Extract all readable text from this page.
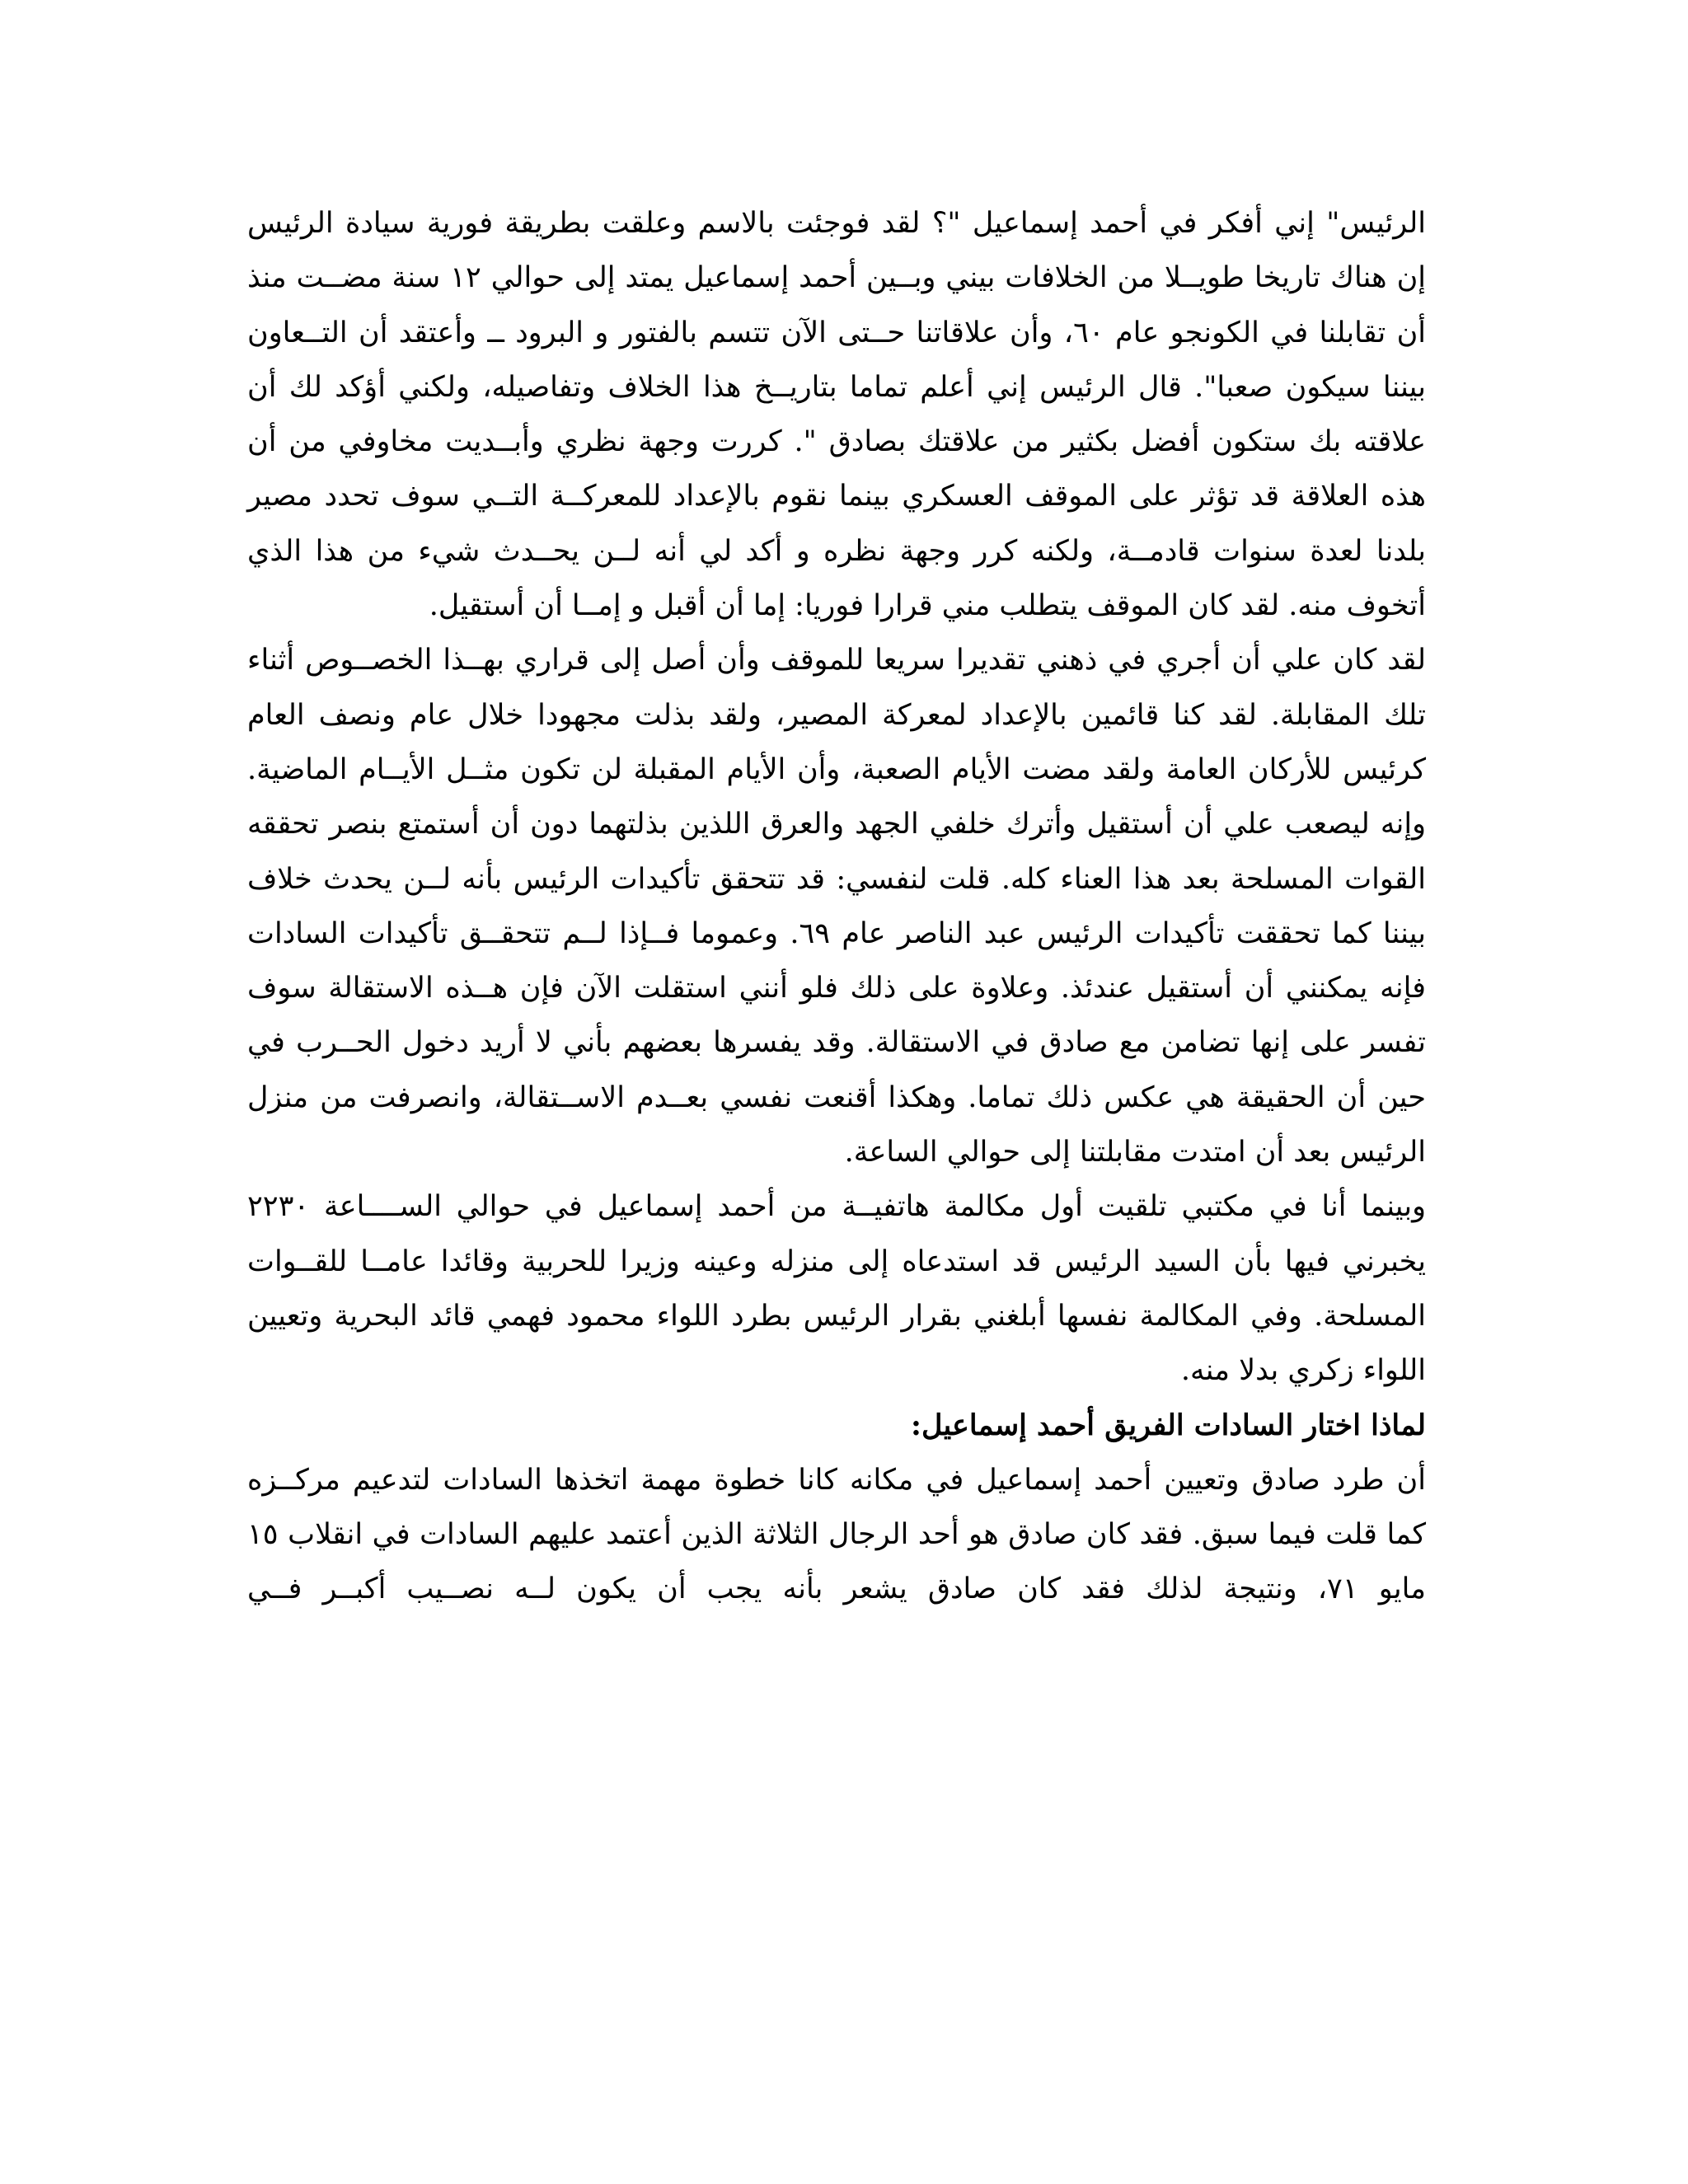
الرئيس" إني أفكر في أحمد إسماعيل "؟ لقد فوجئت بالاسم وعلقت بطريقة فورية سيادة الرئيس إن هناك تاريخا طويــلا من الخلافات بيني وبــين أحمد إسماعيل يمتد إلى حوالي ١٢ سنة مضــت منذ أن تقابلنا في الكونجو عام ٦٠، وأن علاقاتنا حــتى الآن تتسم بالفتور و البرود ــ وأعتقد أن التــعاون بيننا سيكون صعبا". قال الرئيس إني أعلم تماما بتاريــخ هذا الخلاف وتفاصيله، ولكني أؤكد لك أن علاقته بك ستكون أفضل بكثير من علاقتك بصادق ". كررت وجهة نظري وأبــديت مخاوفي من أن هذه العلاقة قد تؤثر على الموقف العسكري بينما نقوم بالإعداد للمعركــة التــي سوف تحدد مصير بلدنا لعدة سنوات قادمــة، ولكنه كرر وجهة نظره و أكد لي أنه لــن يحــدث شيء من هذا الذي أتخوف منه. لقد كان الموقف يتطلب مني قرارا فوريا: إما أن أقبل و إمــا أن أستقيل.

لقد كان علي أن أجري في ذهني تقديرا سريعا للموقف وأن أصل إلى قراري بهــذا الخصــوص أثناء تلك المقابلة. لقد كنا قائمين بالإعداد لمعركة المصير، ولقد بذلت مجهودا خلال عام ونصف العام كرئيس للأركان العامة ولقد مضت الأيام الصعبة، وأن الأيام المقبلة لن تكون مثــل الأيــام الماضية. وإنه ليصعب علي أن أستقيل وأترك خلفي الجهد والعرق اللذين بذلتهما دون أن أستمتع بنصر تحققه القوات المسلحة بعد هذا العناء كله. قلت لنفسي: قد تتحقق تأكيدات الرئيس بأنه لــن يحدث خلاف بيننا كما تحققت تأكيدات الرئيس عبد الناصر عام ٦٩. وعموما فــإذا لــم تتحقــق تأكيدات السادات فإنه يمكنني أن أستقيل عندئذ. وعلاوة على ذلك فلو أنني استقلت الآن فإن هــذه الاستقالة سوف تفسر على إنها تضامن مع صادق في الاستقالة. وقد يفسرها بعضهم بأني لا أريد دخول الحــرب في حين أن الحقيقة هي عكس ذلك تماما. وهكذا أقنعت نفسي بعــدم الاســتقالة، وانصرفت من منزل الرئيس بعد أن امتدت مقابلتنا إلى حوالي الساعة.

وبينما أنا في مكتبي تلقيت أول مكالمة هاتفيــة من أحمد إسماعيل في حوالي الســــاعة ٢٢٣٠ يخبرني فيها بأن السيد الرئيس قد استدعاه إلى منزله وعينه وزيرا للحربية وقائدا عامــا للقــوات المسلحة. وفي المكالمة نفسها أبلغني بقرار الرئيس بطرد اللواء محمود فهمي قائد البحرية وتعيين اللواء زكري بدلا منه.

لماذا اختار السادات الفريق أحمد إسماعيل:

أن طرد صادق وتعيين أحمد إسماعيل في مكانه كانا خطوة مهمة اتخذها السادات لتدعيم مركــزه كما قلت فيما سبق. فقد كان صادق هو أحد الرجال الثلاثة الذين أعتمد عليهم السادات في انقلاب ١٥ مايو ٧١، ونتيجة لذلك فقد كان صادق يشعر بأنه يجب أن يكون لــه نصــيب أكبــر فــي
